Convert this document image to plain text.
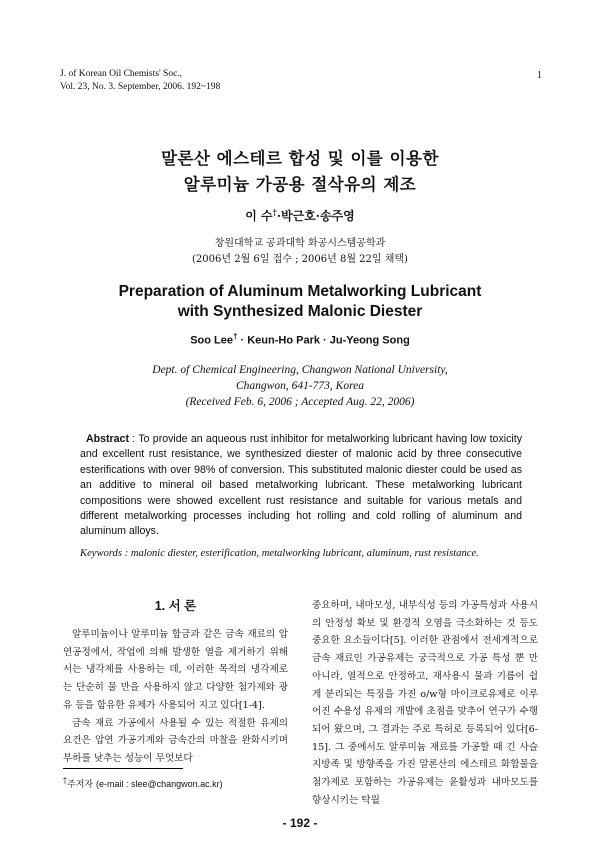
J. of Korean Oil Chemists' Soc.,
Vol. 23, No. 3. September, 2006. 192~198
1
말론산 에스테르 합성 및 이를 이용한
알루미늄 가공용 절삭유의 제조
이 수†·박근호·송주영
창원대학교 공과대학 화공시스템공학과
(2006년 2월 6일 접수 ; 2006년 8월 22일 채택)
Preparation of Aluminum Metalworking Lubricant
with Synthesized Malonic Diester
Soo Lee† · Keun-Ho Park · Ju-Yeong Song
Dept. of Chemical Engineering, Changwon National University,
Changwon, 641-773, Korea
(Received Feb. 6, 2006 ; Accepted Aug. 22, 2006)
Abstract : To provide an aqueous rust inhibitor for metalworking lubricant having low toxicity and excellent rust resistance, we synthesized diester of malonic acid by three consecutive esterifications with over 98% of conversion. This substituted malonic diester could be used as an additive to mineral oil based metalworking lubricant. These metalworking lubricant compositions were showed excellent rust resistance and suitable for various metals and different metalworking processes including hot rolling and cold rolling of aluminum and aluminum alloys.
Keywords : malonic diester, esterification, metalworking lubricant, aluminum, rust resistance.
1. 서 론

알루미늄이나 알루미늄 합금과 같은 금속 재료의 압연공정에서, 작업에 의해 발생한 열을 제거하기 위해서는 냉각제를 사용하는 데, 이러한 목적의 냉각제로는 단순히 물 만을 사용하지 않고 다양한 첨가제와 광유 등을 함유한 유제가 사용되어 지고 있다[1-4].

금속 재료 가공에서 사용될 수 있는 적절한 유제의 요건은 압연 가공기계와 금속간의 마찰을 완화시키며 부하를 낮추는 성능이 무엇보다

중요하며, 내마모성, 내부식성 등의 가공특성과 사용시의 안정성 확보 및 환경적 오염을 극소화하는 것 등도 중요한 요소들이다[5]. 이러한 관점에서 전세계적으로 금속 재료인 가공유제는 궁극적으로 가공 특성 뿐 만 아니라, 열적으로 안정하고, 재사용시 물과 기름이 쉽게 분리되는 특징을 가진 o/w형 마이크로유제로 이루어진 수용성 유제의 개발에 초점을 맞추어 연구가 수행되어 왔으며, 그 결과는 주로 특허로 등록되어 있다[6-15]. 그 중에서도 알루미늄 재료를 가공할 때 긴 사슬 지방족 및 방향족을 가진 말론산의 에스테르 화합물을 첨가제로 포함하는 가공유제는 윤활성과 내마모도를 향상시키는 탁월

†주저자 (e-mail : slee@changwon.ac.kr)
- 192 -
